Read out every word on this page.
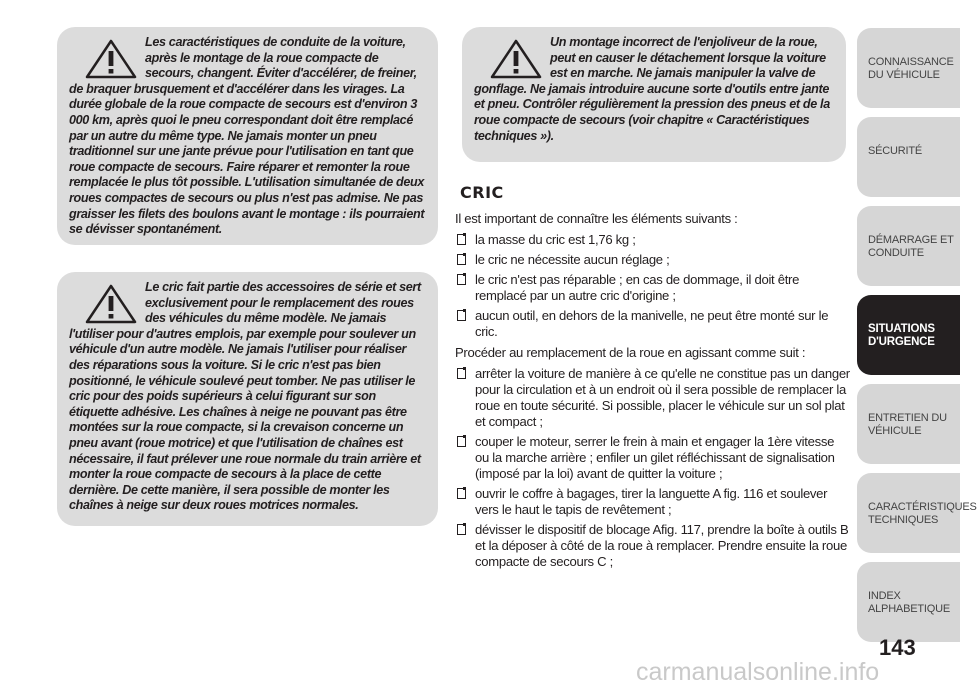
Les caractéristiques de conduite de la voiture, après le montage de la roue compacte de secours, changent. Éviter d'accélérer, de freiner, de braquer brusquement et d'accélérer dans les virages. La durée globale de la roue compacte de secours est d'environ 3 000 km, après quoi le pneu correspondant doit être remplacé par un autre du même type. Ne jamais monter un pneu traditionnel sur une jante prévue pour l'utilisation en tant que roue compacte de secours. Faire réparer et remonter la roue remplacée le plus tôt possible. L'utilisation simultanée de deux roues compactes de secours ou plus n'est pas admise. Ne pas graisser les filets des boulons avant le montage : ils pourraient se dévisser spontanément.

Le cric fait partie des accessoires de série et sert exclusivement pour le remplacement des roues des véhicules du même modèle. Ne jamais l'utiliser pour d'autres emplois, par exemple pour soulever un véhicule d'un autre modèle. Ne jamais l'utiliser pour réaliser des réparations sous la voiture. Si le cric n'est pas bien positionné, le véhicule soulevé peut tomber. Ne pas utiliser le cric pour des poids supérieurs à celui figurant sur son étiquette adhésive. Les chaînes à neige ne pouvant pas être montées sur la roue compacte, si la crevaison concerne un pneu avant (roue motrice) et que l'utilisation de chaînes est nécessaire, il faut prélever une roue normale du train arrière et monter la roue compacte de secours à la place de cette dernière. De cette manière, il sera possible de monter les chaînes à neige sur deux roues motrices normales.

Un montage incorrect de l'enjoliveur de la roue, peut en causer le détachement lorsque la voiture est en marche. Ne jamais manipuler la valve de gonflage. Ne jamais introduire aucune sorte d'outils entre jante et pneu. Contrôler régulièrement la pression des pneus et de la roue compacte de secours (voir chapitre « Caractéristiques techniques »).

CRIC

Il est important de connaître les éléments suivants :

la masse du cric est 1,76 kg ;
le cric ne nécessite aucun réglage ;
le cric n'est pas réparable ; en cas de dommage, il doit être remplacé par un autre cric d'origine ;
aucun outil, en dehors de la manivelle, ne peut être monté sur le cric.

Procéder au remplacement de la roue en agissant comme suit :

arrêter la voiture de manière à ce qu'elle ne constitue pas un danger pour la circulation et à un endroit où il sera possible de remplacer la roue en toute sécurité. Si possible, placer le véhicule sur un sol plat et compact ;
couper le moteur, serrer le frein à main et engager la 1ère vitesse ou la marche arrière ; enfiler un gilet réfléchissant de signalisation (imposé par la loi) avant de quitter la voiture ;
ouvrir le coffre à bagages, tirer la languette A fig. 116 et soulever vers le haut le tapis de revêtement ;
dévisser le dispositif de blocage Afig. 117, prendre la boîte à outils B et la déposer à côté de la roue à remplacer. Prendre ensuite la roue compacte de secours C ;
CONNAISSANCE DU VÉHICULE
SÉCURITÉ
DÉMARRAGE ET CONDUITE
SITUATIONS D'URGENCE
ENTRETIEN DU VÉHICULE
CARACTÉRISTIQUES TECHNIQUES
INDEX ALPHABETIQUE
143
carmanualsonline.info
